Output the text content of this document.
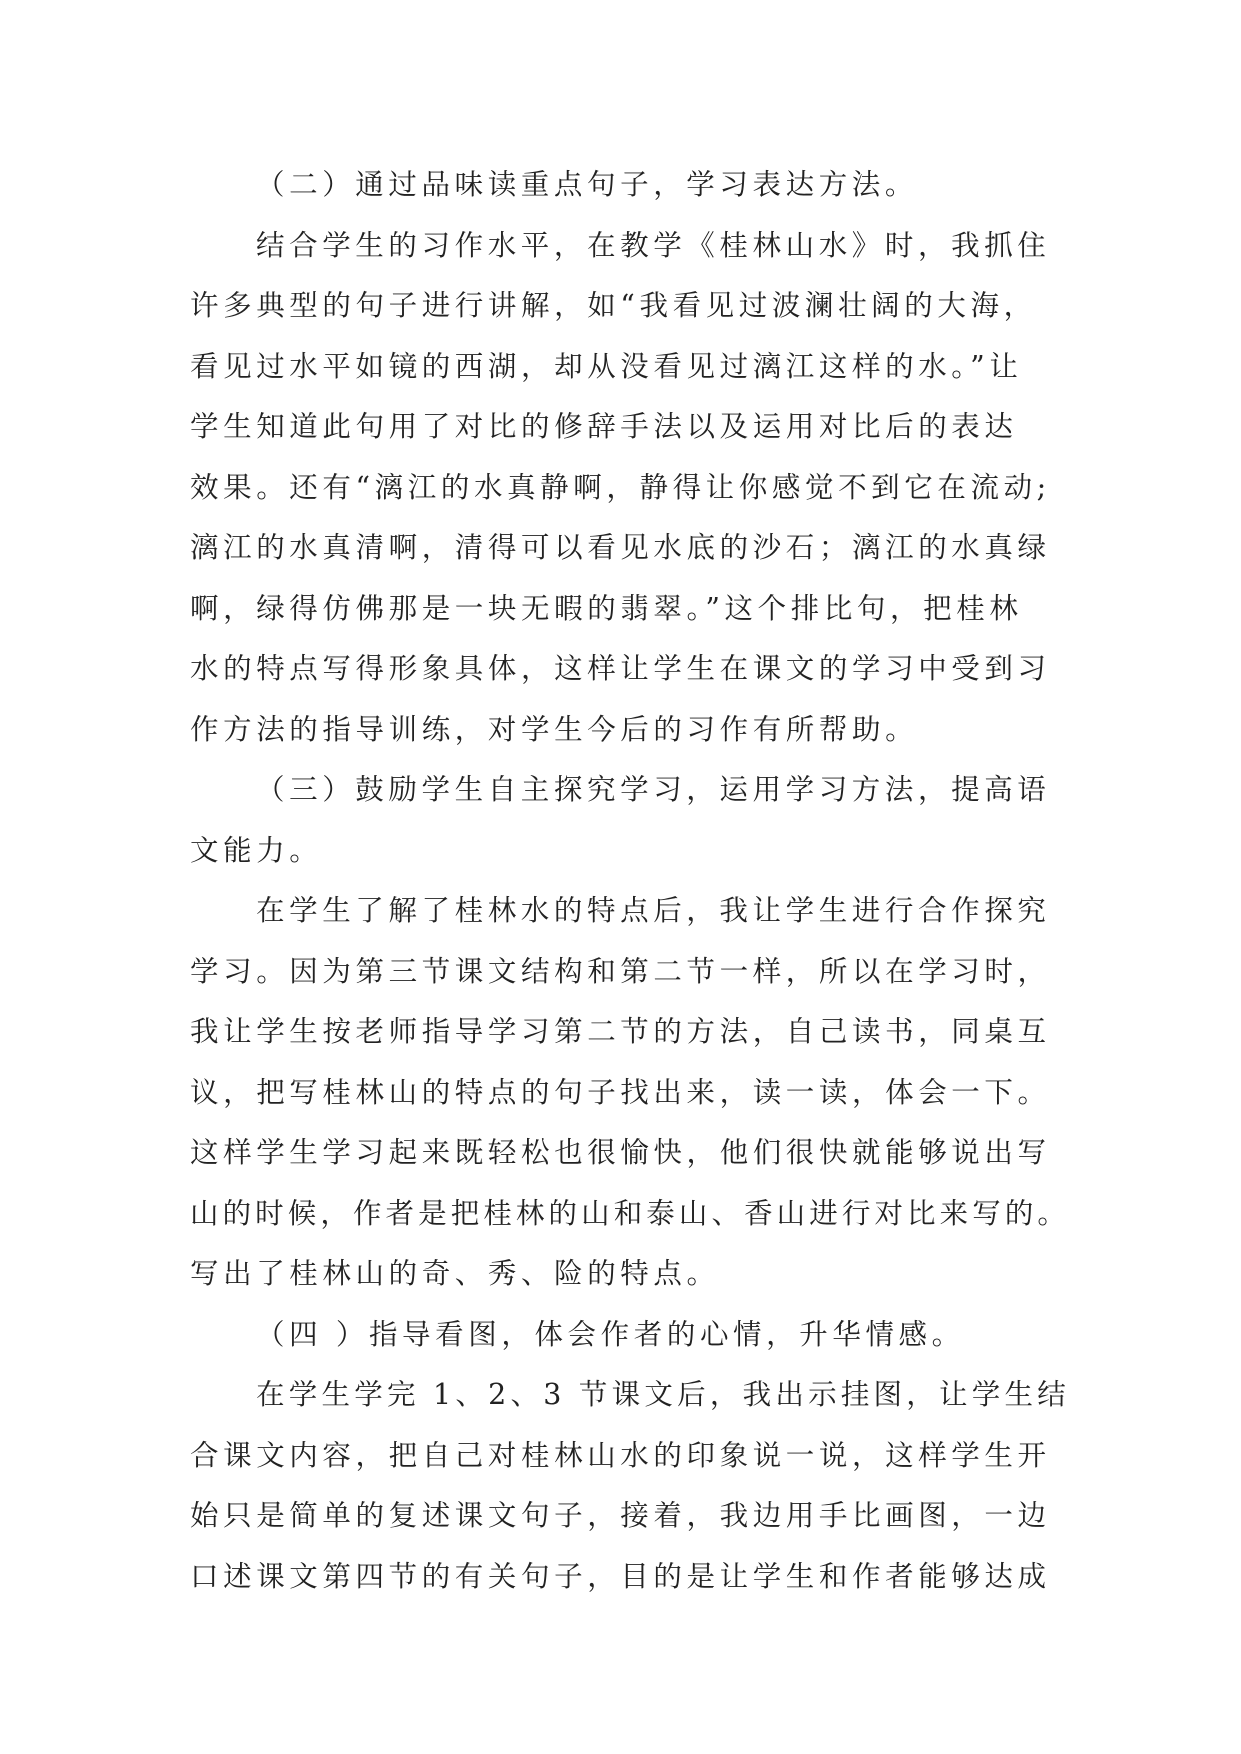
（二）通过品味读重点句子，学习表达方法。
结合学生的习作水平，在教学《桂林山水》时，我抓住
许多典型的句子进行讲解，如“我看见过波澜壮阔的大海，
看见过水平如镜的西湖，却从没看见过漓江这样的水。”让
学生知道此句用了对比的修辞手法以及运用对比后的表达
效果。还有“漓江的水真静啊，静得让你感觉不到它在流动;
漓江的水真清啊，清得可以看见水底的沙石；漓江的水真绿
啊，绿得仿佛那是一块无暇的翡翠。”这个排比句，把桂林
水的特点写得形象具体，这样让学生在课文的学习中受到习
作方法的指导训练，对学生今后的习作有所帮助。
（三）鼓励学生自主探究学习，运用学习方法，提高语
文能力。
在学生了解了桂林水的特点后，我让学生进行合作探究
学习。因为第三节课文结构和第二节一样，所以在学习时，
我让学生按老师指导学习第二节的方法，自己读书，同桌互
议，把写桂林山的特点的句子找出来，读一读，体会一下。
这样学生学习起来既轻松也很愉快，他们很快就能够说出写
山的时候，作者是把桂林的山和泰山、香山进行对比来写的。
写出了桂林山的奇、秀、险的特点。
（四 ）指导看图，体会作者的心情，升华情感。
在学生学完 1、2、3 节课文后，我出示挂图，让学生结
合课文内容，把自己对桂林山水的印象说一说，这样学生开
始只是简单的复述课文句子，接着，我边用手比画图，一边
口述课文第四节的有关句子，目的是让学生和作者能够达成
